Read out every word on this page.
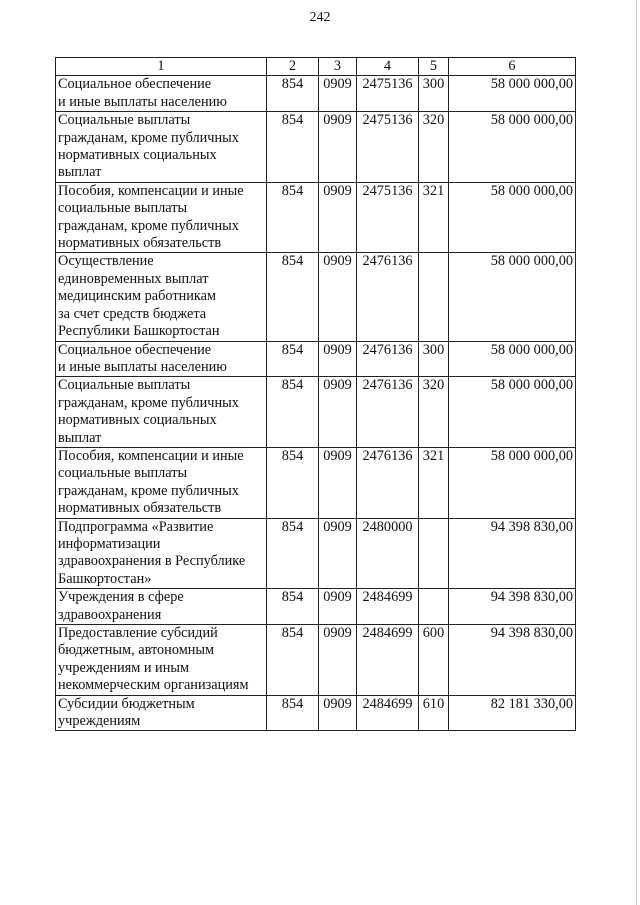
242
1	2	3	4	5	6
Социальное обеспечение
и иные выплаты населению	854	0909	2475136	300	58 000 000,00
Социальные выплаты
гражданам, кроме публичных
нормативных социальных
выплат	854	0909	2475136	320	58 000 000,00
Пособия, компенсации и иные
социальные выплаты
гражданам, кроме публичных
нормативных обязательств	854	0909	2475136	321	58 000 000,00
Осуществление
единовременных выплат
медицинским работникам
за счет средств бюджета
Республики Башкортостан	854	0909	2476136		58 000 000,00
Социальное обеспечение
и иные выплаты населению	854	0909	2476136	300	58 000 000,00
Социальные выплаты
гражданам, кроме публичных
нормативных социальных
выплат	854	0909	2476136	320	58 000 000,00
Пособия, компенсации и иные
социальные выплаты
гражданам, кроме публичных
нормативных обязательств	854	0909	2476136	321	58 000 000,00
Подпрограмма «Развитие
информатизации
здравоохранения в Республике
Башкортостан»	854	0909	2480000		94 398 830,00
Учреждения в сфере
здравоохранения	854	0909	2484699		94 398 830,00
Предоставление субсидий
бюджетным, автономным
учреждениям и иным
некоммерческим организациям	854	0909	2484699	600	94 398 830,00
Субсидии бюджетным
учреждениям	854	0909	2484699	610	82 181 330,00
